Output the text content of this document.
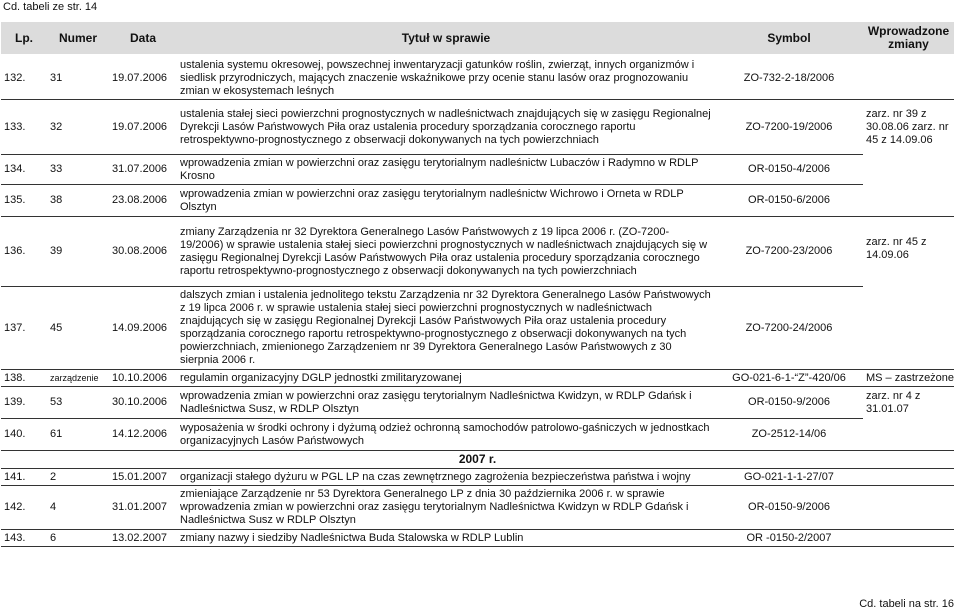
Cd. tabeli ze str. 14
Lp.	Numer	Data	Tytuł w sprawie	Symbol	Wprowadzone zmiany
132.	31	19.07.2006	ustalenia systemu okresowej, powszechnej inwentaryzacji gatunków roślin, zwierząt, innych organizmów i siedlisk przyrodniczych, mających znaczenie wskaźnikowe przy ocenie stanu lasów oraz prognozowaniu zmian w ekosystemach leśnych	ZO-732-2-18/2006	
133.	32	19.07.2006	ustalenia stałej sieci powierzchni prognostycznych w nadleśnictwach znajdujących się w zasięgu Regionalnej Dyrekcji Lasów Państwowych Piła oraz ustalenia procedury sporządzania corocznego raportu retrospektywno-prognostycznego z obserwacji dokonywanych na tych powierzchniach	ZO-7200-19/2006	zarz. nr 39 z 30.08.06 zarz. nr 45 z 14.09.06
134.	33	31.07.2006	wprowadzenia zmian w powierzchni oraz zasięgu terytorialnym nadleśnictw Lubaczów i Radymno w RDLP Krosno	OR-0150-4/2006	
135.	38	23.08.2006	wprowadzenia zmian w powierzchni oraz zasięgu terytorialnym nadleśnictw Wichrowo i Orneta w RDLP Olsztyn	OR-0150-6/2006	
136.	39	30.08.2006	zmiany Zarządzenia nr 32 Dyrektora Generalnego Lasów Państwowych z 19 lipca 2006 r. (ZO-7200-19/2006) w sprawie ustalenia stałej sieci powierzchni prognostycznych w nadleśnictwach znajdujących się w zasięgu Regionalnej Dyrekcji Lasów Państwowych Piła oraz ustalenia procedury sporządzania corocznego raportu retrospektywno-prognostycznego z obserwacji dokonywanych na tych powierzchniach	ZO-7200-23/2006	zarz. nr 45 z 14.09.06
137.	45	14.09.2006	dalszych zmian i ustalenia jednolitego tekstu Zarządzenia nr 32 Dyrektora Generalnego Lasów Państwowych z 19 lipca 2006 r. w sprawie ustalenia stałej sieci powierzchni prognostycznych w nadleśnictwach znajdujących się w zasięgu Regionalnej Dyrekcji Lasów Państwowych Piła oraz ustalenia procedury sporządzania corocznego raportu retrospektywno-prognostycznego z obserwacji dokonywanych na tych powierzchniach, zmienionego Zarządzeniem nr 39 Dyrektora Generalnego Lasów Państwowych z 30 sierpnia 2006 r.	ZO-7200-24/2006	
138.	zarządzenie	10.10.2006	regulamin organizacyjny DGLP jednostki zmilitaryzowanej	GO-021-6-1-“Z”-420/06	MS – zastrzeżone
139.	53	30.10.2006	wprowadzenia zmian w powierzchni oraz zasięgu terytorialnym Nadleśnictwa Kwidzyn, w RDLP Gdańsk i Nadleśnictwa Susz, w RDLP Olsztyn	OR-0150-9/2006	zarz. nr 4 z 31.01.07
140.	61	14.12.2006	wyposażenia w środki ochrony i dyżumą odzież ochronną samochodów patrolowo-gaśniczych w jednostkach organizacyjnych Lasów Państwowych	ZO-2512-14/06	
2007 r.					
141.	2	15.01.2007	organizacji stałego dyżuru w PGL LP na czas zewnętrznego zagrożenia bezpieczeństwa państwa i wojny	GO-021-1-1-27/07	
142.	4	31.01.2007	zmieniające Zarządzenie nr 53 Dyrektora Generalnego LP z dnia 30 października 2006 r. w sprawie wprowadzenia zmian w powierzchni oraz zasięgu terytorialnym Nadleśnictwa Kwidzyn w RDLP Gdańsk i Nadleśnictwa Susz w RDLP Olsztyn	OR-0150-9/2006	
143.	6	13.02.2007	zmiany nazwy i siedziby Nadleśnictwa Buda Stalowska w RDLP Lublin	OR -0150-2/2007	
Cd. tabeli na str. 16
